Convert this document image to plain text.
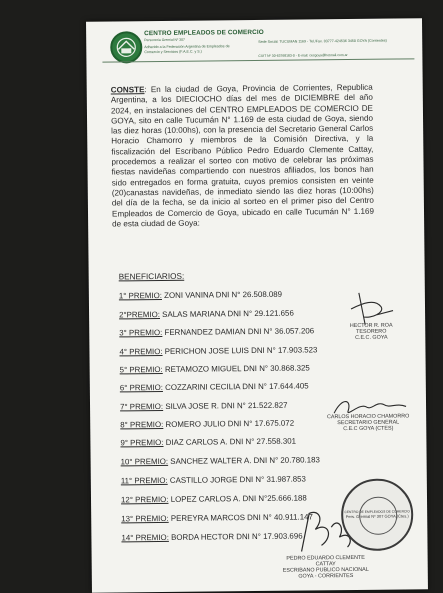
CENTRO EMPLEADOS DE COMERCIO
Personería Gremial Nº 307
Adherido a la Federación Argentina de Empleados de Comercio y Servicios (F.A.E.C. y S.)
Sede Social: TUCUMAN 1169 - Tel./Fax. 03777-424536 3450 GOYA (Corrientes)
CUIT Nº 30-63768183-0 - E-mail: cecgoya@hotmail.com.ar
CONSTE: En la ciudad de Goya, Provincia de Corrientes, Republica Argentina, a los DIECIOCHO días del mes de DICIEMBRE del año 2024, en instalaciones del CENTRO EMPLEADOS DE COMERCIO DE GOYA, sito en calle Tucumán N° 1.169 de esta ciudad de Goya, siendo las diez horas (10:00hs), con la presencia del Secretario General Carlos Horacio Chamorro y miembros de la Comisión Directiva, y la fiscalización del Escribano Público Pedro Eduardo Clemente Cattay, procedemos a realizar el sorteo con motivo de celebrar las próximas fiestas navideñas compartiendo con nuestros afiliados, los bonos han sido entregados en forma gratuita, cuyos premios consisten en veinte (20)canastas navideñas, de inmediato siendo las diez horas (10:00hs) del día de la fecha, se da inicio al sorteo en el primer piso del Centro Empleados de Comercio de Goya, ubicado en calle Tucumán N° 1.169 de esta ciudad de Goya:
BENEFICIARIOS:
1° PREMIO: ZONI VANINA DNI N° 26.508.089
2°PREMIO: SALAS MARIANA DNI N° 29.121.656
3° PREMIO: FERNANDEZ DAMIAN DNI N° 36.057.206
4° PREMIO: PERICHON JOSE LUIS DNI N° 17.903.523
5° PREMIO: RETAMOZO MIGUEL DNI N° 30.868.325
6° PREMIO: COZZARINI CECILIA DNI N° 17.644.405
7° PREMIO: SILVA JOSE R. DNI N° 21.522.827
8° PREMIO: ROMERO JULIO DNI N° 17.675.072
9° PREMIO: DIAZ CARLOS A. DNI N° 27.558.301
10° PREMIO: SANCHEZ WALTER A. DNI N° 20.780.183
11° PREMIO: CASTILLO JORGE DNI N° 31.987.853
12° PREMIO: LOPEZ CARLOS A. DNI N°25.666.188
13° PREMIO: PEREYRA MARCOS DNI N° 40.911.147
14° PREMIO: BORDA HECTOR DNI N° 17.903.696
HECTOR R. ROA
TESORERO
C.E.C. GOYA
CARLOS HORACIO CHAMORRO
SECRETARIO GENERAL
C.E.C GOYA (CTES)
PEDRO EDUARDO CLEMENTE CATTAY
ESCRIBANO PUBLICO NACIONAL
GOYA - CORRIENTES
CENTRO DE EMPLEADOS DE COMERCIO
Pers. Gremial Nº 307 GOYA (Ctes.)
